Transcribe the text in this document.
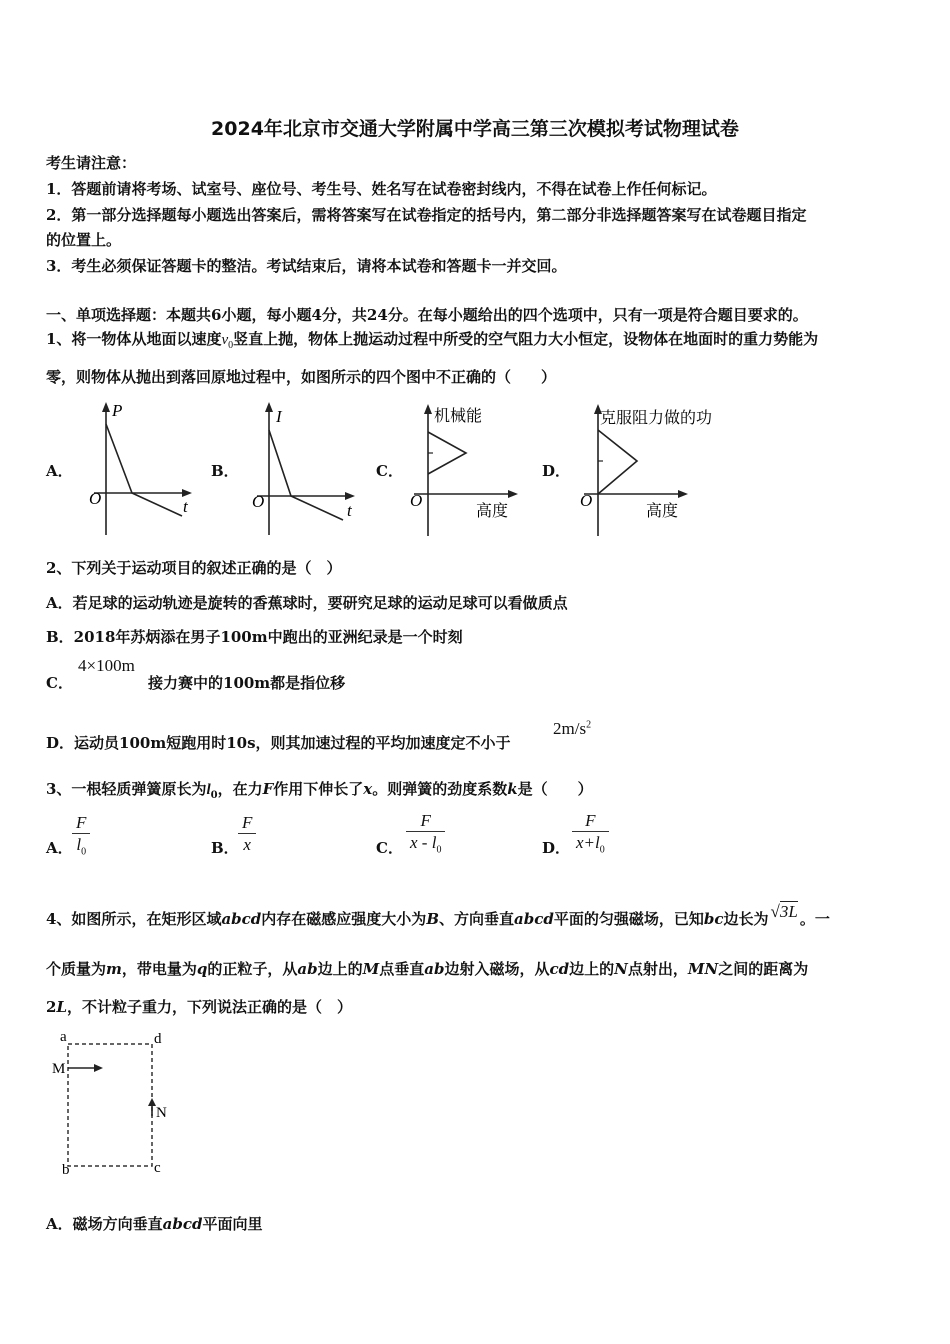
2024年北京市交通大学附属中学高三第三次模拟考试物理试卷
考生请注意：
1．答题前请将考场、试室号、座位号、考生号、姓名写在试卷密封线内，不得在试卷上作任何标记。
2．第一部分选择题每小题选出答案后，需将答案写在试卷指定的括号内，第二部分非选择题答案写在试卷题目指定
的位置上。
3．考生必须保证答题卡的整洁。考试结束后，请将本试卷和答题卡一并交回。
一、单项选择题：本题共6小题，每小题4分，共24分。在每小题给出的四个选项中，只有一项是符合题目要求的。
1、将一物体从地面以速度$v_0$竖直上抛，物体上抛运动过程中所受的空气阻力大小恒定，设物体在地面时的重力势能为
零，则物体从抛出到落回原地过程中，如图所示的四个图中不正确的（　　）
A．	B．	C．	D．
P
O	t
I
O	t
机械能
O
高度
克服阻力做的功
O
高度
2、下列关于运动项目的叙述正确的是（　）
A．若足球的运动轨迹是旋转的香蕉球时，要研究足球的运动足球可以看做质点
B．2018年苏炳添在男子100m中跑出的亚洲纪录是一个时刻
C．
4×100m
接力赛中的100m都是指位移
D．运动员100m短跑用时10s，则其加速过程的平均加速度定不小于
$2m/s^2$
3、一根轻质弹簧原长为$l_0$，在力F作用下伸长了x。则弹簧的劲度系数k是（　　）
A． $\frac{F}{l_0}$	B． $\frac{F}{x}$	C． $\frac{F}{x - l_0}$	D． $\frac{F}{x+l_0}$
4、如图所示，在矩形区域abcd内存在磁感应强度大小为B、方向垂直abcd平面的匀强磁场，已知bc边长为 √3L 。一
个质量为m，带电量为q的正粒子，从ab边上的M点垂直ab边射入磁场，从cd边上的N点射出，MN之间的距离为
2L，不计粒子重力，下列说法正确的是（　）
a	d
M
N
b	c
A．磁场方向垂直abcd平面向里
